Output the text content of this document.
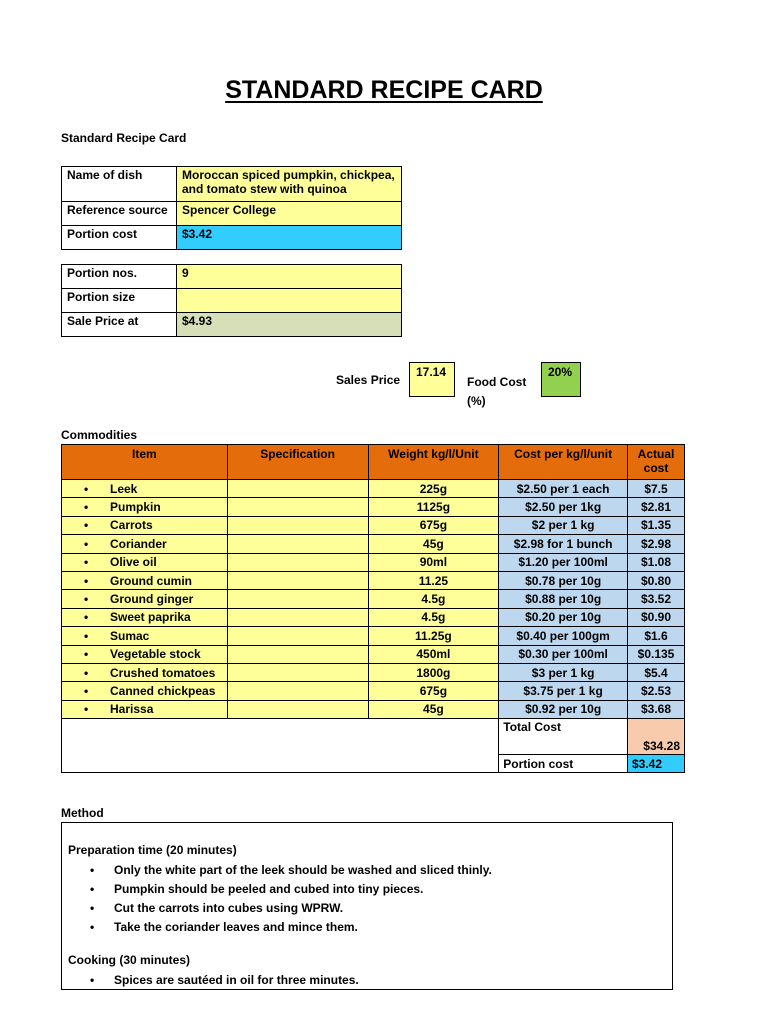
STANDARD RECIPE CARD
Standard Recipe Card
Name of dish	Moroccan spiced pumpkin, chickpea, and tomato stew with quinoa
Reference source	Spencer College
Portion cost	$3.42
Portion nos.	9
Portion size	
Sale Price at	$4.93
Sales Price
17.14
Food Cost (%)
20%
Commodities
Item	Specification	Weight kg/l/Unit	Cost per kg/l/unit	Actual cost
• Leek		225g	$2.50 per 1 each	$7.5
• Pumpkin		1125g	$2.50 per 1kg	$2.81
• Carrots		675g	$2 per 1 kg	$1.35
• Coriander		45g	$2.98 for 1 bunch	$2.98
• Olive oil		90ml	$1.20 per 100ml	$1.08
• Ground cumin		11.25	$0.78 per 10g	$0.80
• Ground ginger		4.5g	$0.88 per 10g	$3.52
• Sweet paprika		4.5g	$0.20 per 10g	$0.90
• Sumac		11.25g	$0.40 per 100gm	$1.6
• Vegetable stock		450ml	$0.30 per 100ml	$0.135
• Crushed tomatoes		1800g	$3 per 1 kg	$5.4
• Canned chickpeas		675g	$3.75 per 1 kg	$2.53
• Harissa		45g	$0.92 per 10g	$3.68
			Total Cost	$34.28
			Portion cost	$3.42
Method

Preparation time (20 minutes)

• Only the white part of the leek should be washed and sliced thinly.
• Pumpkin should be peeled and cubed into tiny pieces.
• Cut the carrots into cubes using WPRW.
• Take the coriander leaves and mince them.

Cooking (30 minutes)

• Spices are sautéed in oil for three minutes.
